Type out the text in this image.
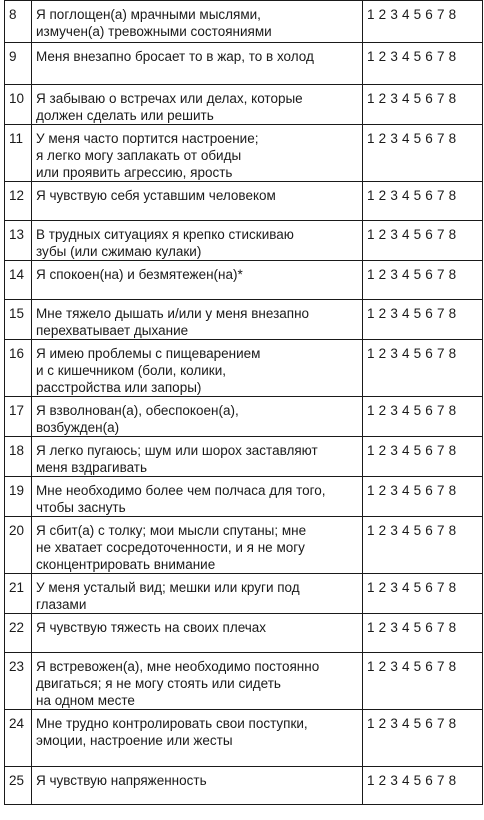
8	Я поглощен(а) мрачными мыслями,
измучен(а) тревожными состояниями	1 2 3 4 5 6 7 8
9	Меня внезапно бросает то в жар, то в холод	1 2 3 4 5 6 7 8
10	Я забываю о встречах или делах, которые
должен сделать или решить	1 2 3 4 5 6 7 8
11	У меня часто портится настроение;
я легко могу заплакать от обиды
или проявить агрессию, ярость	1 2 3 4 5 6 7 8
12	Я чувствую себя уставшим человеком	1 2 3 4 5 6 7 8
13	В трудных ситуациях я крепко стискиваю
зубы (или сжимаю кулаки)	1 2 3 4 5 6 7 8
14	Я спокоен(на) и безмятежен(на)*	1 2 3 4 5 6 7 8
15	Мне тяжело дышать и/или у меня внезапно
перехватывает дыхание	1 2 3 4 5 6 7 8
16	Я имею проблемы с пищеварением
и с кишечником (боли, колики,
расстройства или запоры)	1 2 3 4 5 6 7 8
17	Я взволнован(а), обеспокоен(а),
возбужден(а)	1 2 3 4 5 6 7 8
18	Я легко пугаюсь; шум или шорох заставляют
меня вздрагивать	1 2 3 4 5 6 7 8
19	Мне необходимо более чем полчаса для того,
чтобы заснуть	1 2 3 4 5 6 7 8
20	Я сбит(а) с толку; мои мысли спутаны; мне
не хватает сосредоточенности, и я не могу
сконцентрировать внимание	1 2 3 4 5 6 7 8
21	У меня усталый вид; мешки или круги под
глазами	1 2 3 4 5 6 7 8
22	Я чувствую тяжесть на своих плечах	1 2 3 4 5 6 7 8
23	Я встревожен(а), мне необходимо постоянно
двигаться; я не могу стоять или сидеть
на одном месте	1 2 3 4 5 6 7 8
24	Мне трудно контролировать свои поступки,
эмоции, настроение или жесты	1 2 3 4 5 6 7 8
25	Я чувствую напряженность	1 2 3 4 5 6 7 8
